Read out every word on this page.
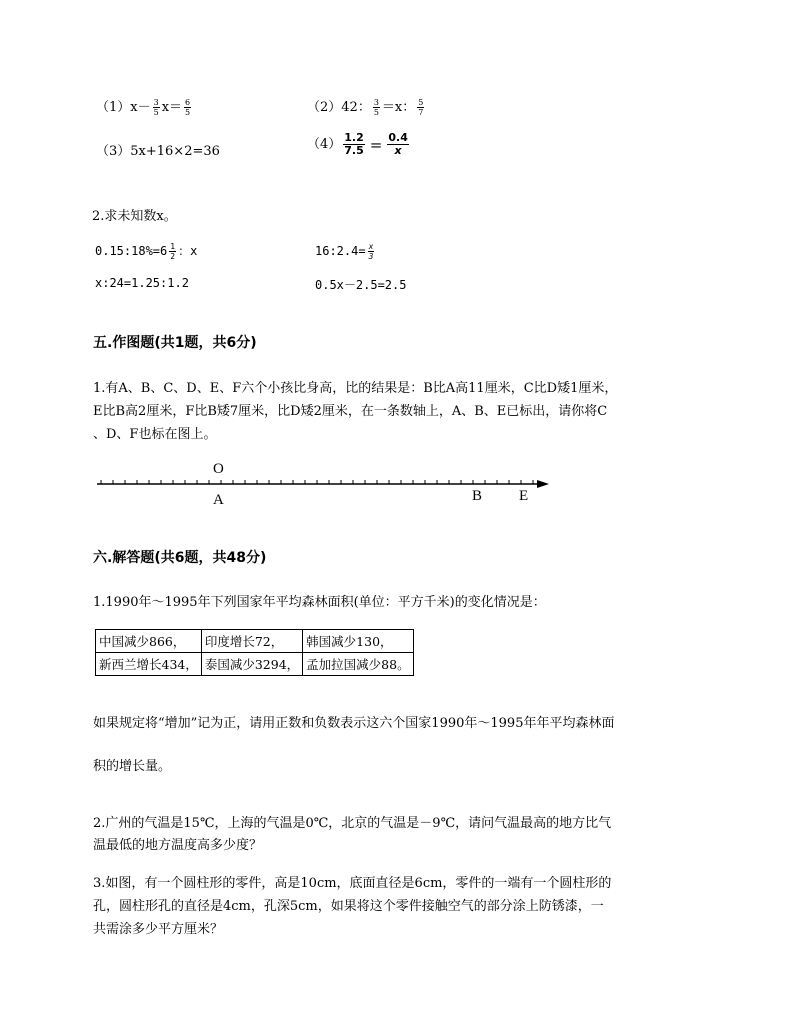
$(1)x- \frac{3}{5} x= \frac{6}{5}$	（2）42： $\frac{3}{5} =x$： $\frac{5}{7}$
（3）5x+16×2=36	$(4) \frac{1.2}{7.5} = \frac{0.4}{x}$
2.求未知数x。
0.15:18%=6 $\frac{1}{2}$ ：x	16:2.4= $\frac{x}{3}$
x:24=1.25:1.2	0.5x－2.5=2.5
五.作图题(共1题，共6分)
1.有A、B、C、D、E、F六个小孩比身高，比的结果是：B比A高11厘米，C比D矮1厘米，
E比B高2厘米，F比B矮7厘米，比D矮2厘米，在一条数轴上，A、B、E已标出，请你将C
、D、F也标在图上。
O
A	B E
六.解答题(共6题，共48分)
1.1990年～1995年下列国家年平均森林面积(单位：平方千米)的变化情况是：
中国减少866，	印度增长72，	韩国减少130，
新西兰增长434，	泰国减少3294，	孟加拉国减少88。
如果规定将“增加”记为正，请用正数和负数表示这六个国家1990年～1995年年平均森林面
积的增长量。
2.广州的气温是15℃，上海的气温是0℃，北京的气温是－9℃，请问气温最高的地方比气
温最低的地方温度高多少度？
3.如图，有一个圆柱形的零件，高是10cm，底面直径是6cm，零件的一端有一个圆柱形的
孔，圆柱形孔的直径是4cm，孔深5cm，如果将这个零件接触空气的部分涂上防锈漆，一
共需涂多少平方厘米？
